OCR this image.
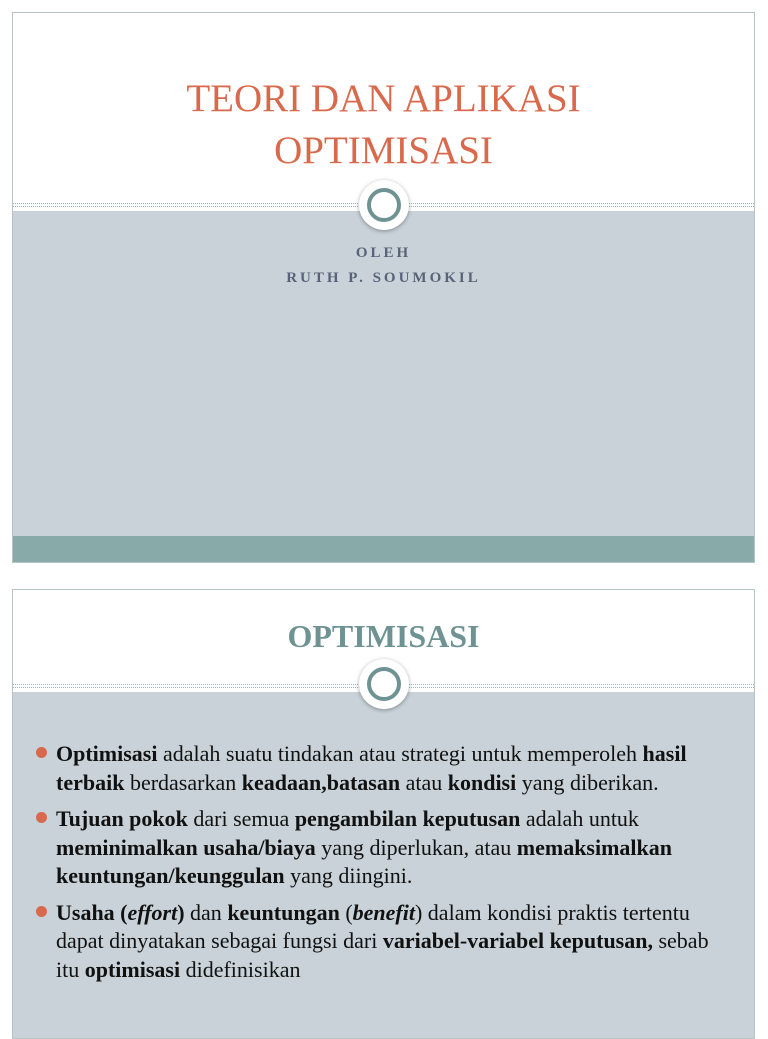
TEORI DAN APLIKASI
OPTIMISASI
OLEH
RUTH P. SOUMOKIL
OPTIMISASI
Optimisasi adalah suatu tindakan atau strategi untuk memperoleh hasil terbaik berdasarkan keadaan,batasan atau kondisi yang diberikan.
Tujuan pokok dari semua pengambilan keputusan adalah untuk meminimalkan usaha/biaya yang diperlukan, atau memaksimalkan keuntungan/keunggulan yang diingini.
Usaha (effort) dan keuntungan (benefit) dalam kondisi praktis tertentu dapat dinyatakan sebagai fungsi dari variabel-variabel keputusan, sebab itu optimisasi didefinisikan
